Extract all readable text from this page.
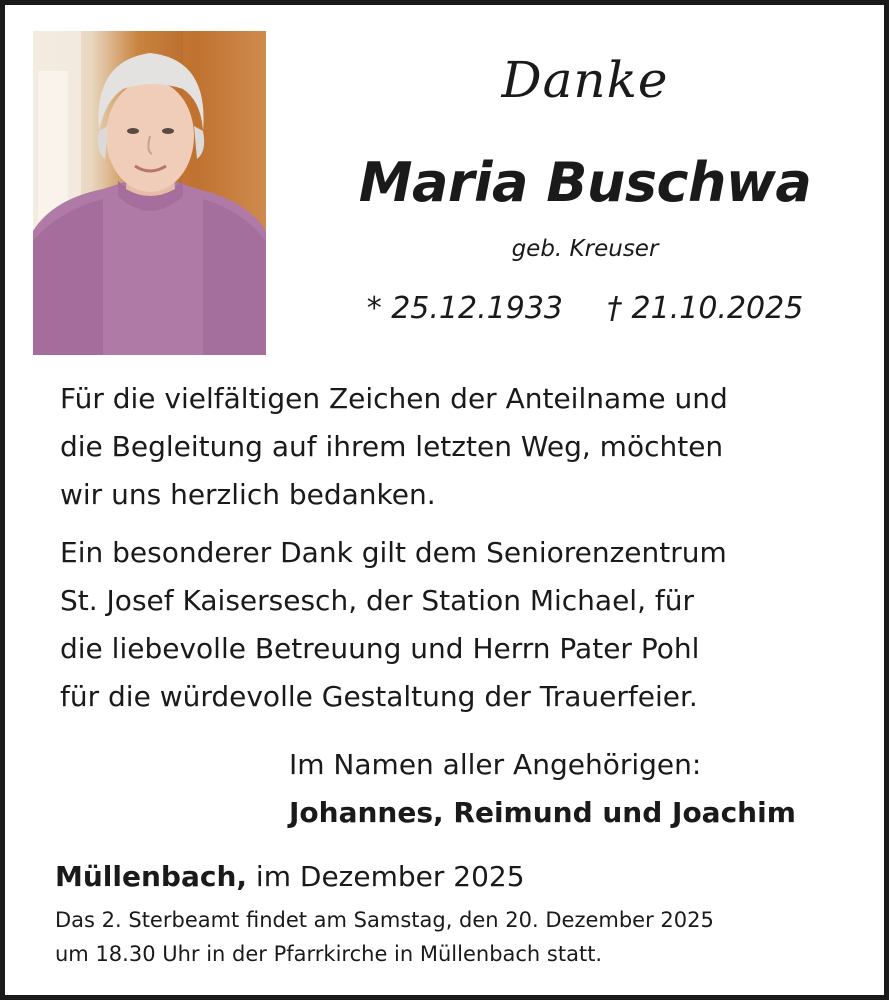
Danke
Maria Buschwa
geb. Kreuser
* 25.12.1933 † 21.10.2025
Für die vielfältigen Zeichen der Anteilname und
die Begleitung auf ihrem letzten Weg, möchten
wir uns herzlich bedanken.
Ein besonderer Dank gilt dem Seniorenzentrum
St. Josef Kaisersesch, der Station Michael, für
die liebevolle Betreuung und Herrn Pater Pohl
für die würdevolle Gestaltung der Trauerfeier.
Im Namen aller Angehörigen:
Johannes, Reimund und Joachim
Müllenbach, im Dezember 2025
Das 2. Sterbeamt findet am Samstag, den 20. Dezember 2025
um 18.30 Uhr in der Pfarrkirche in Müllenbach statt.
